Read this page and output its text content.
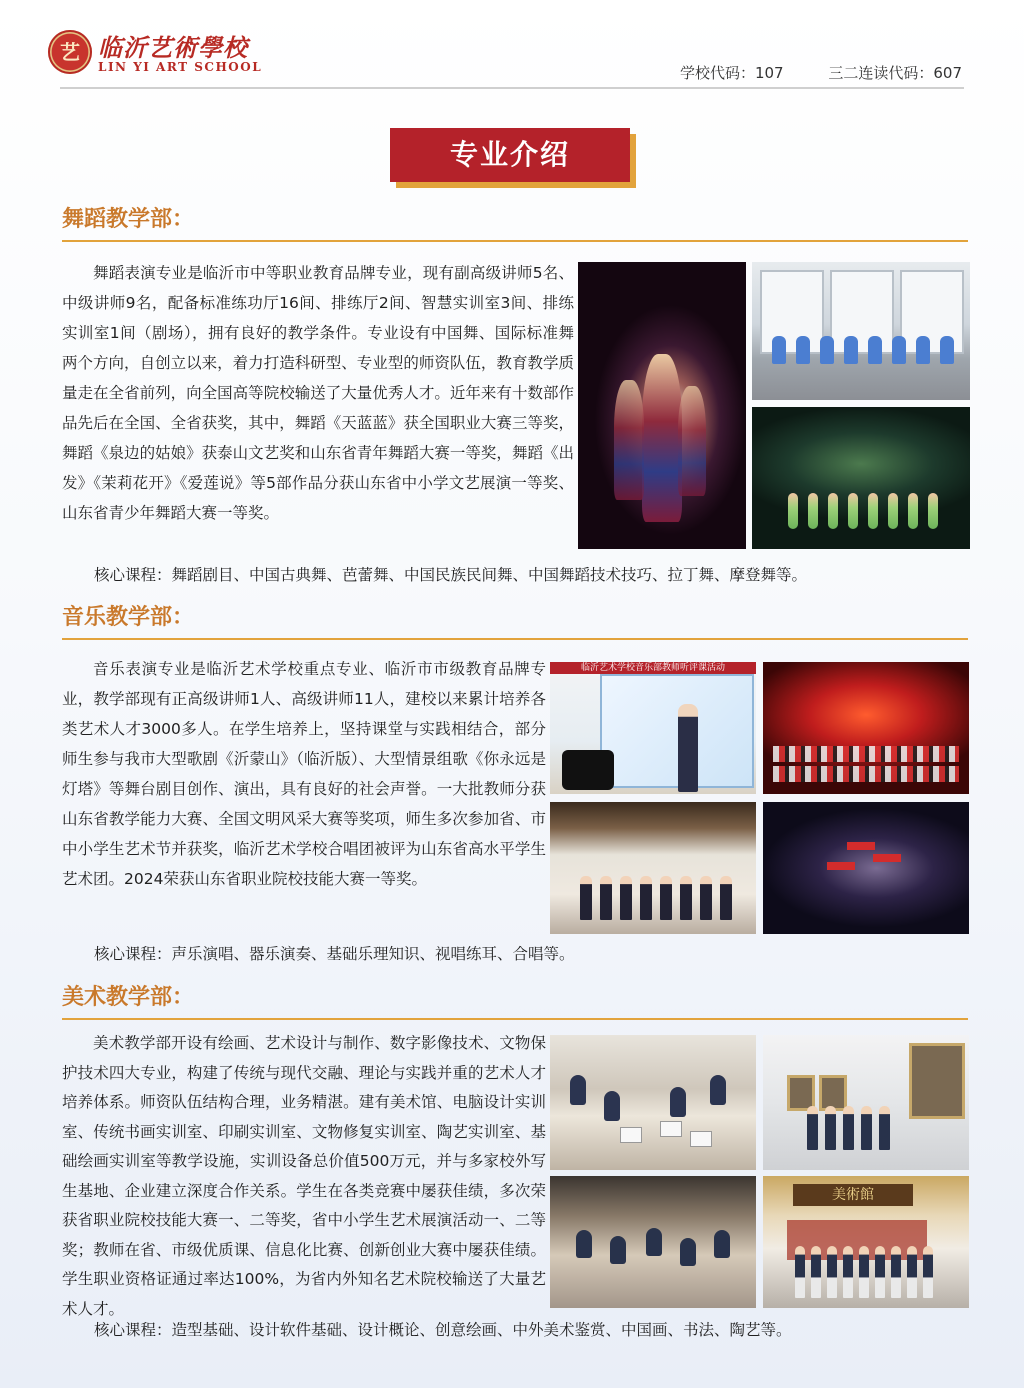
艺 临沂艺術學校
LIN YI ART SCHOOL	学校代码：107	三二连读代码：607
专业介绍
舞蹈教学部：

舞蹈表演专业是临沂市中等职业教育品牌专业，现有副高级讲师5名、中级讲师9名，配备标准练功厅16间、排练厅2间、智慧实训室3间、排练实训室1间（剧场），拥有良好的教学条件。专业设有中国舞、国际标准舞两个方向，自创立以来，着力打造科研型、专业型的师资队伍，教育教学质量走在全省前列，向全国高等院校输送了大量优秀人才。近年来有十数部作品先后在全国、全省获奖，其中，舞蹈《天蓝蓝》获全国职业大赛三等奖，舞蹈《泉边的姑娘》获泰山文艺奖和山东省青年舞蹈大赛一等奖，舞蹈《出发》《茉莉花开》《爱莲说》等5部作品分获山东省中小学文艺展演一等奖、山东省青少年舞蹈大赛一等奖。

核心课程：舞蹈剧目、中国古典舞、芭蕾舞、中国民族民间舞、中国舞蹈技术技巧、拉丁舞、摩登舞等。
音乐教学部：

音乐表演专业是临沂艺术学校重点专业、临沂市市级教育品牌专业，教学部现有正高级讲师1人、高级讲师11人，建校以来累计培养各类艺术人才3000多人。在学生培养上，坚持课堂与实践相结合，部分师生参与我市大型歌剧《沂蒙山》（临沂版）、大型情景组歌《你永远是灯塔》等舞台剧目创作、演出，具有良好的社会声誉。一大批教师分获山东省教学能力大赛、全国文明风采大赛等奖项，师生多次参加省、市中小学生艺术节并获奖，临沂艺术学校合唱团被评为山东省高水平学生艺术团。2024荣获山东省职业院校技能大赛一等奖。

临沂艺术学校音乐部教师听评课活动
核心课程：声乐演唱、器乐演奏、基础乐理知识、视唱练耳、合唱等。
美术教学部：

美术教学部开设有绘画、艺术设计与制作、数字影像技术、文物保护技术四大专业，构建了传统与现代交融、理论与实践并重的艺术人才培养体系。师资队伍结构合理，业务精湛。建有美术馆、电脑设计实训室、传统书画实训室、印刷实训室、文物修复实训室、陶艺实训室、基础绘画实训室等教学设施，实训设备总价值500万元，并与多家校外写生基地、企业建立深度合作关系。学生在各类竞赛中屡获佳绩，多次荣获省职业院校技能大赛一、二等奖，省中小学生艺术展演活动一、二等奖；教师在省、市级优质课、信息化比赛、创新创业大赛中屡获佳绩。学生职业资格证通过率达100%，为省内外知名艺术院校输送了大量艺术人才。

美術館
核心课程：造型基础、设计软件基础、设计概论、创意绘画、中外美术鉴赏、中国画、书法、陶艺等。
